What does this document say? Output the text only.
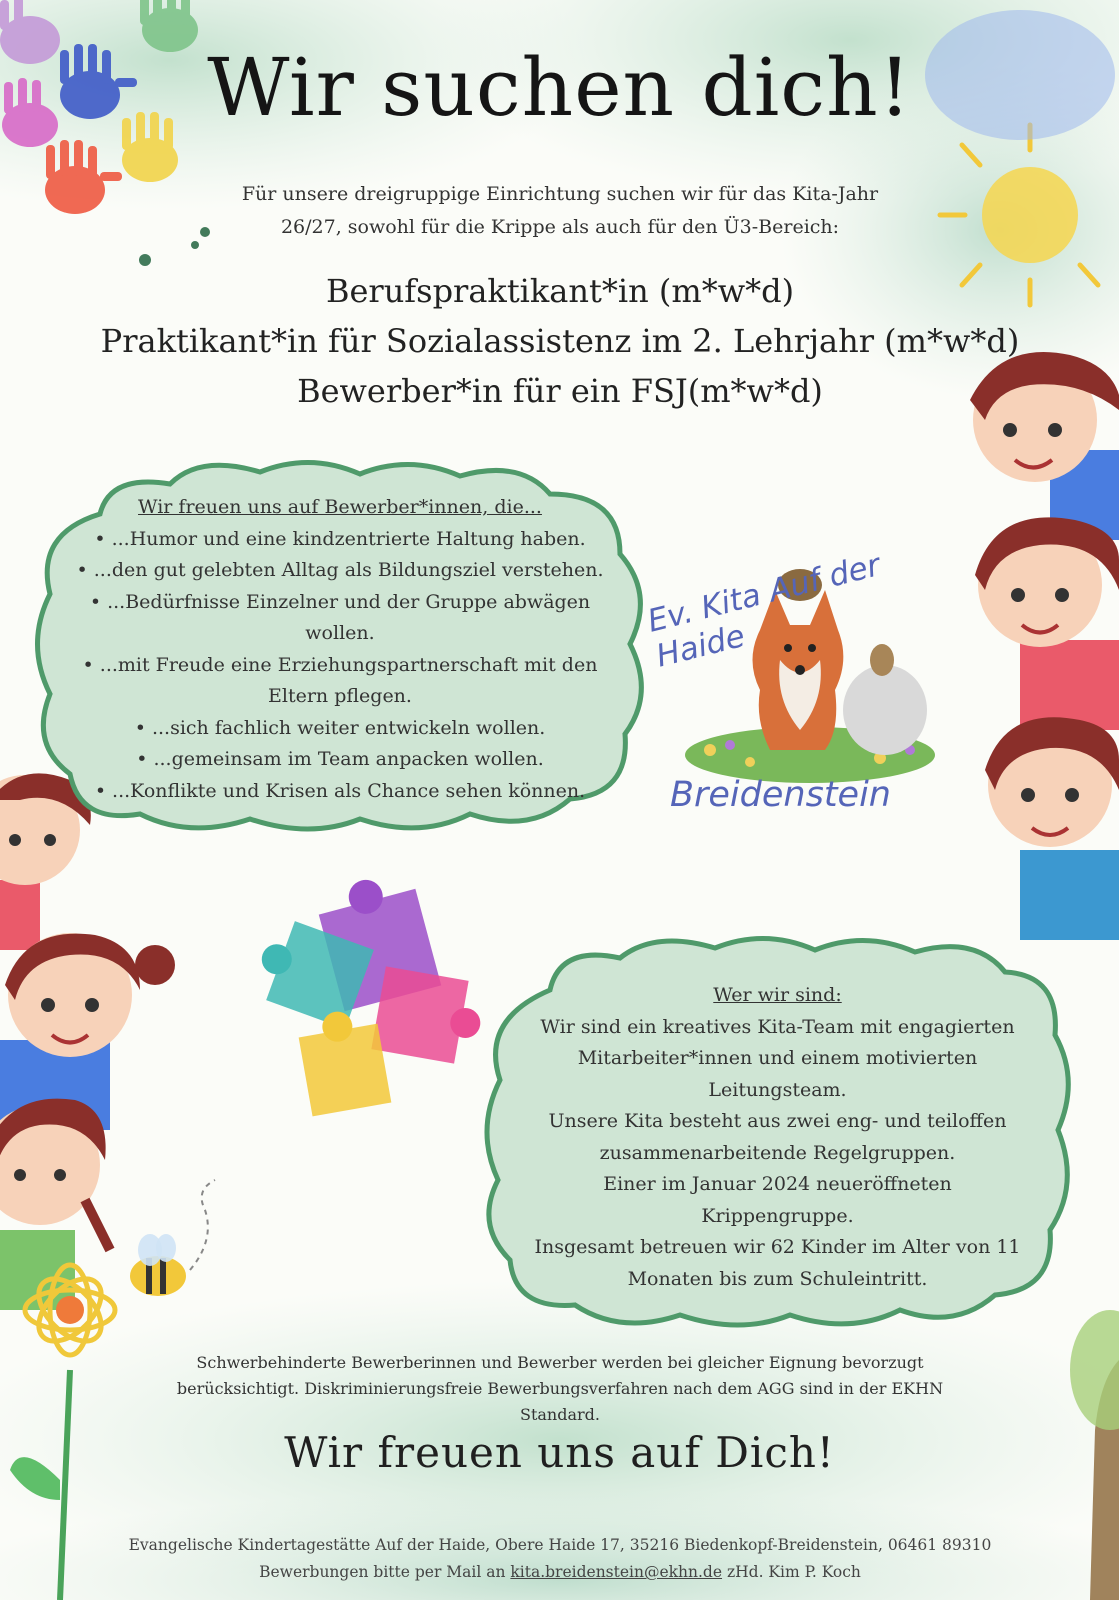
Ev. Kita Auf der Haide
Breidenstein
Wir suchen dich!
Für unsere dreigruppige Einrichtung suchen wir für das Kita-Jahr
26/27, sowohl für die Krippe als auch für den Ü3-Bereich:
Berufspraktikant*in (m*w*d)
Praktikant*in für Sozialassistenz im 2. Lehrjahr (m*w*d)
Bewerber*in für ein FSJ(m*w*d)
Wir freuen uns auf Bewerber*innen, die...
• ...Humor und eine kindzentrierte Haltung haben.
• ...den gut gelebten Alltag als Bildungsziel verstehen.
• ...Bedürfnisse Einzelner und der Gruppe abwägen
wollen.
• ...mit Freude eine Erziehungspartnerschaft mit den
Eltern pflegen.
• ...sich fachlich weiter entwickeln wollen.
• ...gemeinsam im Team anpacken wollen.
• ...Konflikte und Krisen als Chance sehen können.
Wer wir sind:
Wir sind ein kreatives Kita-Team mit engagierten
Mitarbeiter*innen und einem motivierten
Leitungsteam.
Unsere Kita besteht aus zwei eng- und teiloffen
zusammenarbeitende Regelgruppen.
Einer im Januar 2024 neueröffneten
Krippengruppe.
Insgesamt betreuen wir 62 Kinder im Alter von 11
Monaten bis zum Schuleintritt.
Schwerbehinderte Bewerberinnen und Bewerber werden bei gleicher Eignung bevorzugt
berücksichtigt. Diskriminierungsfreie Bewerbungsverfahren nach dem AGG sind in der EKHN
Standard.
Wir freuen uns auf Dich!
Evangelische Kindertagestätte Auf der Haide, Obere Haide 17, 35216 Biedenkopf-Breidenstein, 06461 89310
Bewerbungen bitte per Mail an kita.breidenstein@ekhn.de zHd. Kim P. Koch
